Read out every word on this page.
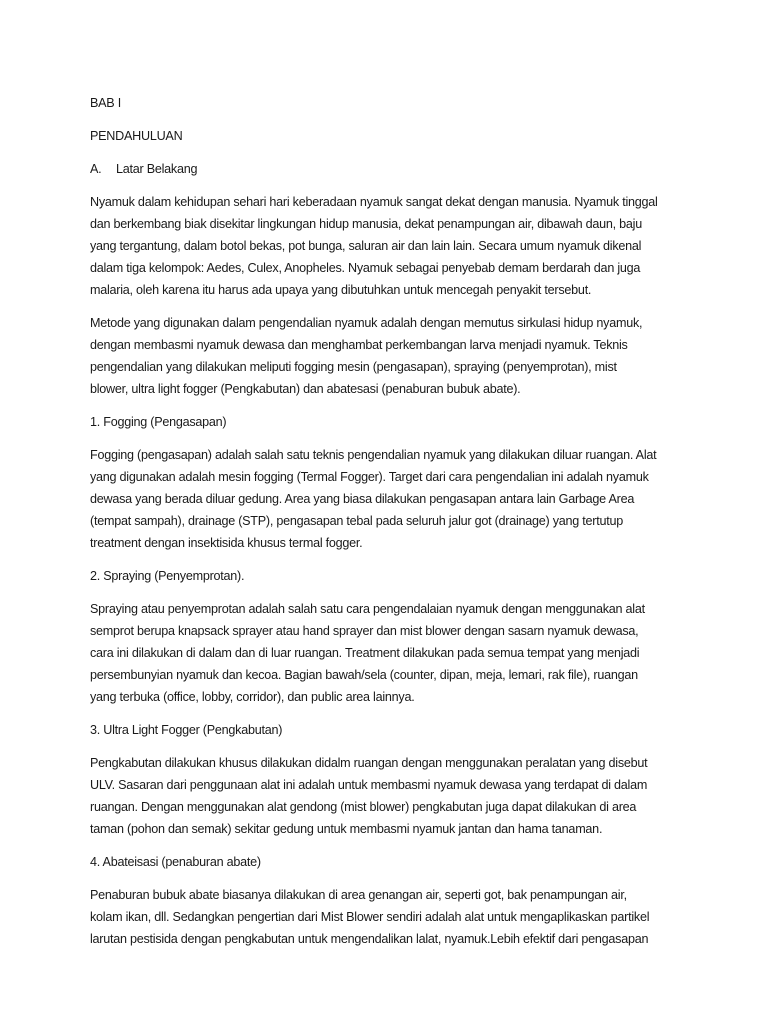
BAB I

PENDAHULUAN

A. Latar Belakang

Nyamuk dalam kehidupan sehari hari keberadaan nyamuk sangat dekat dengan manusia. Nyamuk tinggal

dan berkembang biak disekitar lingkungan hidup manusia, dekat penampungan air, dibawah daun, baju

yang tergantung, dalam botol bekas, pot bunga, saluran air dan lain lain. Secara umum nyamuk dikenal

dalam tiga kelompok: Aedes, Culex, Anopheles. Nyamuk sebagai penyebab demam berdarah dan juga

malaria, oleh karena itu harus ada upaya yang dibutuhkan untuk mencegah penyakit tersebut.

Metode yang digunakan dalam pengendalian nyamuk adalah dengan memutus sirkulasi hidup nyamuk,

dengan membasmi nyamuk dewasa dan menghambat perkembangan larva menjadi nyamuk. Teknis

pengendalian yang dilakukan meliputi fogging mesin (pengasapan), spraying (penyemprotan), mist

blower, ultra light fogger (Pengkabutan) dan abatesasi (penaburan bubuk abate).

1. Fogging (Pengasapan)

Fogging (pengasapan) adalah salah satu teknis pengendalian nyamuk yang dilakukan diluar ruangan. Alat

yang digunakan adalah mesin fogging (Termal Fogger). Target dari cara pengendalian ini adalah nyamuk

dewasa yang berada diluar gedung. Area yang biasa dilakukan pengasapan antara lain Garbage Area

(tempat sampah), drainage (STP), pengasapan tebal pada seluruh jalur got (drainage) yang tertutup

treatment dengan insektisida khusus termal fogger.

2. Spraying (Penyemprotan).

Spraying atau penyemprotan adalah salah satu cara pengendalaian nyamuk dengan menggunakan alat

semprot berupa knapsack sprayer atau hand sprayer dan mist blower dengan sasarn nyamuk dewasa,

cara ini dilakukan di dalam dan di luar ruangan. Treatment dilakukan pada semua tempat yang menjadi

persembunyian nyamuk dan kecoa. Bagian bawah/sela (counter, dipan, meja, lemari, rak file), ruangan

yang terbuka (office, lobby, corridor), dan public area lainnya.

3. Ultra Light Fogger (Pengkabutan)

Pengkabutan dilakukan khusus dilakukan didalm ruangan dengan menggunakan peralatan yang disebut

ULV. Sasaran dari penggunaan alat ini adalah untuk membasmi nyamuk dewasa yang terdapat di dalam

ruangan. Dengan menggunakan alat gendong (mist blower) pengkabutan juga dapat dilakukan di area

taman (pohon dan semak) sekitar gedung untuk membasmi nyamuk jantan dan hama tanaman.

4. Abateisasi (penaburan abate)

Penaburan bubuk abate biasanya dilakukan di area genangan air, seperti got, bak penampungan air,

kolam ikan, dll. Sedangkan pengertian dari Mist Blower sendiri adalah alat untuk mengaplikaskan partikel

larutan pestisida dengan pengkabutan untuk mengendalikan lalat, nyamuk.Lebih efektif dari pengasapan
